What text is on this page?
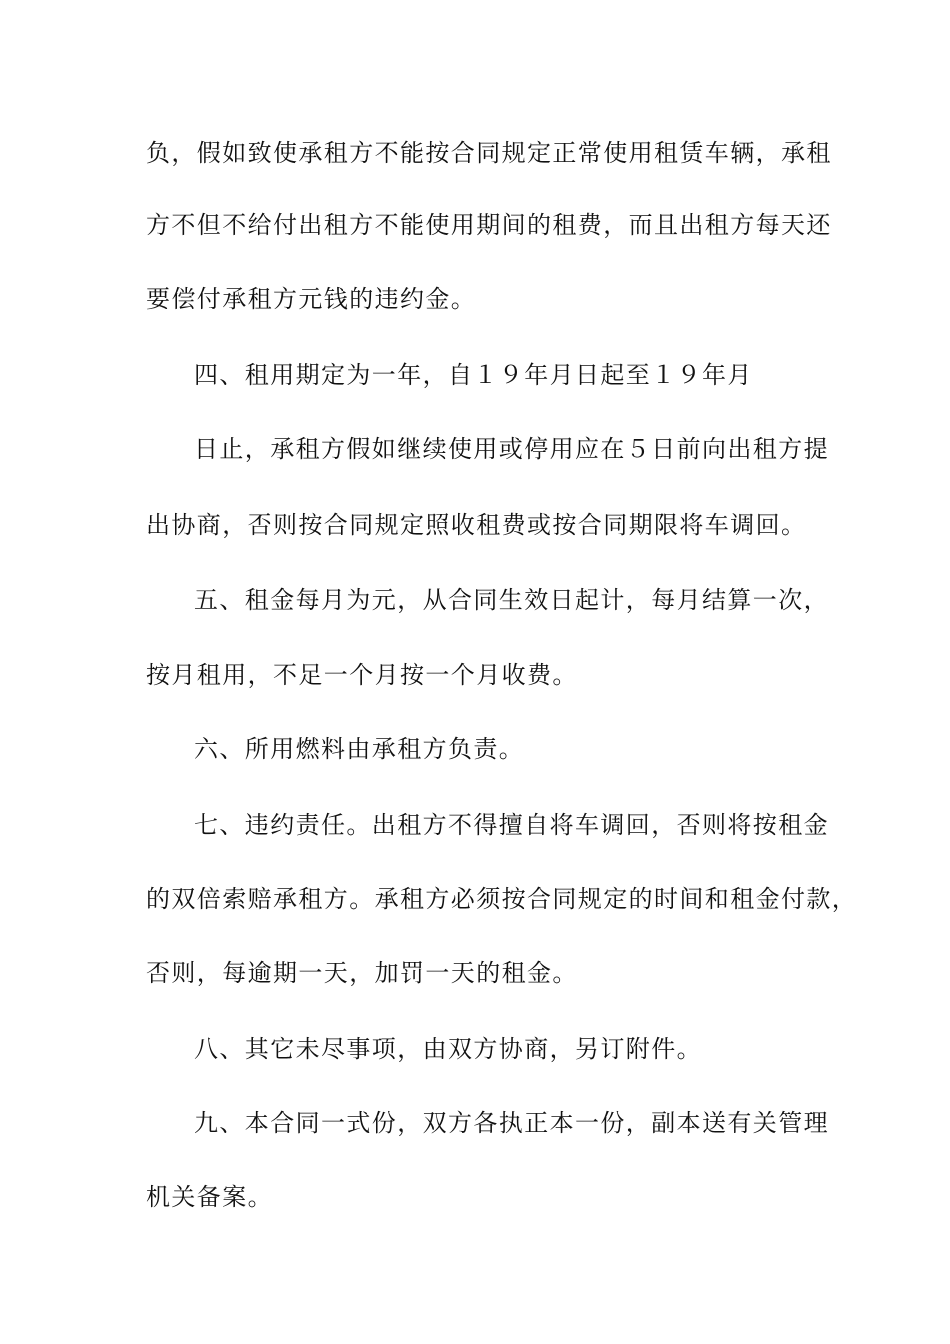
负，假如致使承租方不能按合同规定正常使用租赁车辆，承租
方不但不给付出租方不能使用期间的租费，而且出租方每天还
要偿付承租方元钱的违约金。
四、租用期定为一年，自１９年月日起至１９年月
日止，承租方假如继续使用或停用应在５日前向出租方提
出协商，否则按合同规定照收租费或按合同期限将车调回。
五、租金每月为元，从合同生效日起计，每月结算一次，
按月租用，不足一个月按一个月收费。
六、所用燃料由承租方负责。
七、违约责任。出租方不得擅自将车调回，否则将按租金
的双倍索赔承租方。承租方必须按合同规定的时间和租金付款，
否则，每逾期一天，加罚一天的租金。
八、其它未尽事项，由双方协商，另订附件。
九、本合同一式份，双方各执正本一份，副本送有关管理
机关备案。
